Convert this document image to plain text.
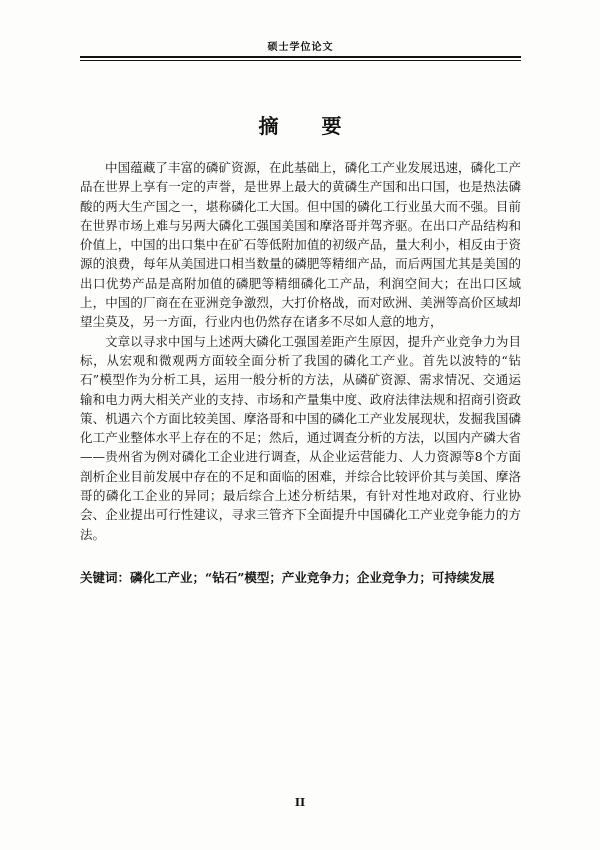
硕士学位论文
摘 要

中国蕴藏了丰富的磷矿资源，在此基础上，磷化工产业发展迅速，磷化工产品在世界上享有一定的声誉，是世界上最大的黄磷生产国和出口国，也是热法磷酸的两大生产国之一，堪称磷化工大国。但中国的磷化工行业虽大而不强。目前在世界市场上难与另两大磷化工强国美国和摩洛哥并驾齐驱。在出口产品结构和价值上，中国的出口集中在矿石等低附加值的初级产品，量大利小，相反由于资源的浪费，每年从美国进口相当数量的磷肥等精细产品，而后两国尤其是美国的出口优势产品是高附加值的磷肥等精细磷化工产品，利润空间大；在出口区域上，中国的厂商在在亚洲竞争激烈，大打价格战，而对欧洲、美洲等高价区域却望尘莫及，另一方面，行业内也仍然存在诸多不尽如人意的地方，

文章以寻求中国与上述两大磷化工强国差距产生原因，提升产业竞争力为目标，从宏观和微观两方面较全面分析了我国的磷化工产业。首先以波特的“钻石”模型作为分析工具，运用一般分析的方法，从磷矿资源、需求情况、交通运输和电力两大相关产业的支持、市场和产量集中度、政府法律法规和招商引资政策、机遇六个方面比较美国、摩洛哥和中国的磷化工产业发展现状，发掘我国磷化工产业整体水平上存在的不足；然后，通过调查分析的方法，以国内产磷大省——贵州省为例对磷化工企业进行调查，从企业运营能力、人力资源等8个方面剖析企业目前发展中存在的不足和面临的困难，并综合比较评价其与美国、摩洛哥的磷化工企业的异同；最后综合上述分析结果，有针对性地对政府、行业协会、企业提出可行性建议，寻求三管齐下全面提升中国磷化工产业竞争能力的方法。

关键词：磷化工产业；“钻石”模型；产业竞争力；企业竞争力；可持续发展
II
